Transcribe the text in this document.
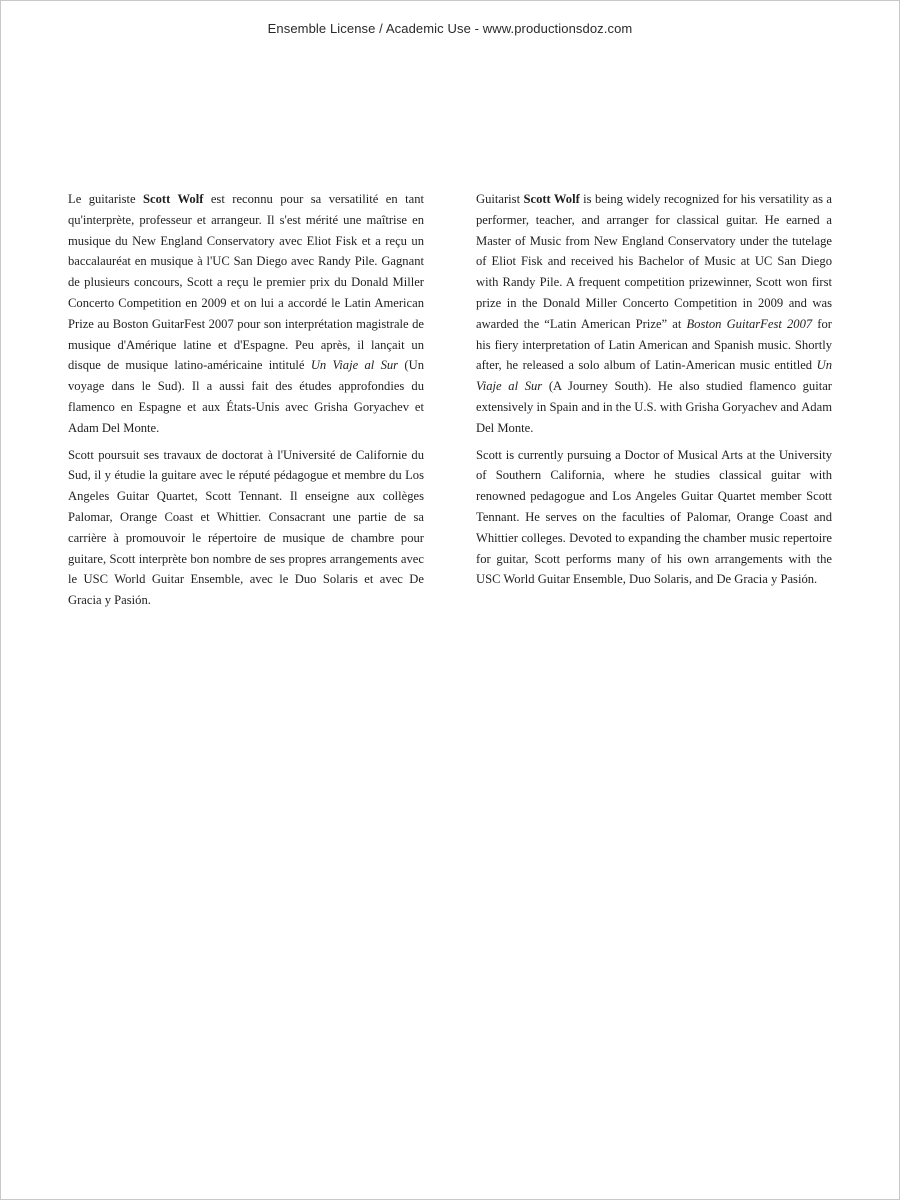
Ensemble License / Academic Use - www.productionsdoz.com

Le guitariste Scott Wolf est reconnu pour sa versatilité en tant qu'interprète, professeur et arrangeur. Il s'est mérité une maîtrise en musique du New England Conservatory avec Eliot Fisk et a reçu un baccalauréat en musique à l'UC San Diego avec Randy Pile. Gagnant de plusieurs concours, Scott a reçu le premier prix du Donald Miller Concerto Competition en 2009 et on lui a accordé le Latin American Prize au Boston GuitarFest 2007 pour son interprétation magistrale de musique d'Amérique latine et d'Espagne. Peu après, il lançait un disque de musique latino-américaine intitulé Un Viaje al Sur (Un voyage dans le Sud). Il a aussi fait des études approfondies du flamenco en Espagne et aux États-Unis avec Grisha Goryachev et Adam Del Monte.

Scott poursuit ses travaux de doctorat à l'Université de Californie du Sud, il y étudie la guitare avec le réputé pédagogue et membre du Los Angeles Guitar Quartet, Scott Tennant. Il enseigne aux collèges Palomar, Orange Coast et Whittier. Consacrant une partie de sa carrière à promouvoir le répertoire de musique de chambre pour guitare, Scott interprète bon nombre de ses propres arrangements avec le USC World Guitar Ensemble, avec le Duo Solaris et avec De Gracia y Pasión.

Guitarist Scott Wolf is being widely recognized for his versatility as a performer, teacher, and arranger for classical guitar. He earned a Master of Music from New England Conservatory under the tutelage of Eliot Fisk and received his Bachelor of Music at UC San Diego with Randy Pile. A frequent competition prizewinner, Scott won first prize in the Donald Miller Concerto Competition in 2009 and was awarded the “Latin American Prize” at Boston GuitarFest 2007 for his fiery interpretation of Latin American and Spanish music. Shortly after, he released a solo album of Latin-American music entitled Un Viaje al Sur (A Journey South). He also studied flamenco guitar extensively in Spain and in the U.S. with Grisha Goryachev and Adam Del Monte.

Scott is currently pursuing a Doctor of Musical Arts at the University of Southern California, where he studies classical guitar with renowned pedagogue and Los Angeles Guitar Quartet member Scott Tennant. He serves on the faculties of Palomar, Orange Coast and Whittier colleges. Devoted to expanding the chamber music repertoire for guitar, Scott performs many of his own arrangements with the USC World Guitar Ensemble, Duo Solaris, and De Gracia y Pasión.
